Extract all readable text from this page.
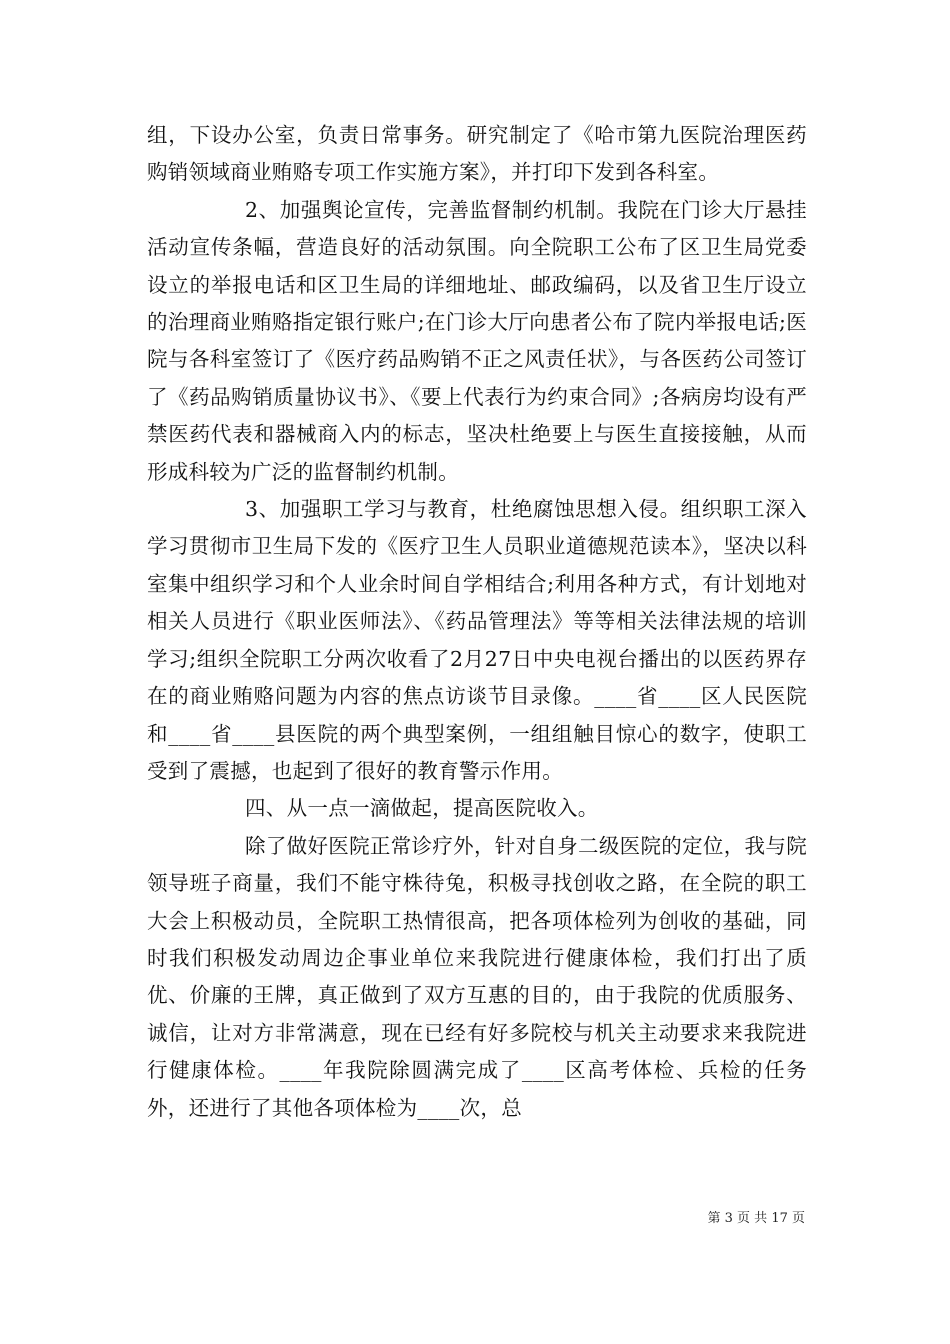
组，下设办公室，负责日常事务。研究制定了《哈市第九医院治理医药购销领域商业贿赂专项工作实施方案》，并打印下发到各科室。

2、加强舆论宣传，完善监督制约机制。我院在门诊大厅悬挂活动宣传条幅，营造良好的活动氛围。向全院职工公布了区卫生局党委设立的举报电话和区卫生局的详细地址、邮政编码，以及省卫生厅设立的治理商业贿赂指定银行账户;在门诊大厅向患者公布了院内举报电话;医院与各科室签订了《医疗药品购销不正之风责任状》，与各医药公司签订了《药品购销质量协议书》、《要上代表行为约束合同》;各病房均设有严禁医药代表和器械商入内的标志，坚决杜绝要上与医生直接接触，从而形成科较为广泛的监督制约机制。

3、加强职工学习与教育，杜绝腐蚀思想入侵。组织职工深入学习贯彻市卫生局下发的《医疗卫生人员职业道德规范读本》，坚决以科室集中组织学习和个人业余时间自学相结合;利用各种方式，有计划地对相关人员进行《职业医师法》、《药品管理法》等等相关法律法规的培训学习;组织全院职工分两次收看了2月27日中央电视台播出的以医药界存在的商业贿赂问题为内容的焦点访谈节目录像。____省____区人民医院和____省____县医院的两个典型案例，一组组触目惊心的数字，使职工受到了震撼，也起到了很好的教育警示作用。

四、从一点一滴做起，提高医院收入。

除了做好医院正常诊疗外，针对自身二级医院的定位，我与院领导班子商量，我们不能守株待兔，积极寻找创收之路，在全院的职工大会上积极动员，全院职工热情很高，把各项体检列为创收的基础，同时我们积极发动周边企事业单位来我院进行健康体检，我们打出了质优、价廉的王牌，真正做到了双方互惠的目的，由于我院的优质服务、诚信，让对方非常满意，现在已经有好多院校与机关主动要求来我院进行健康体检。____年我院除圆满完成了____区高考体检、兵检的任务外，还进行了其他各项体检为____次，总

第 3 页 共 17 页
